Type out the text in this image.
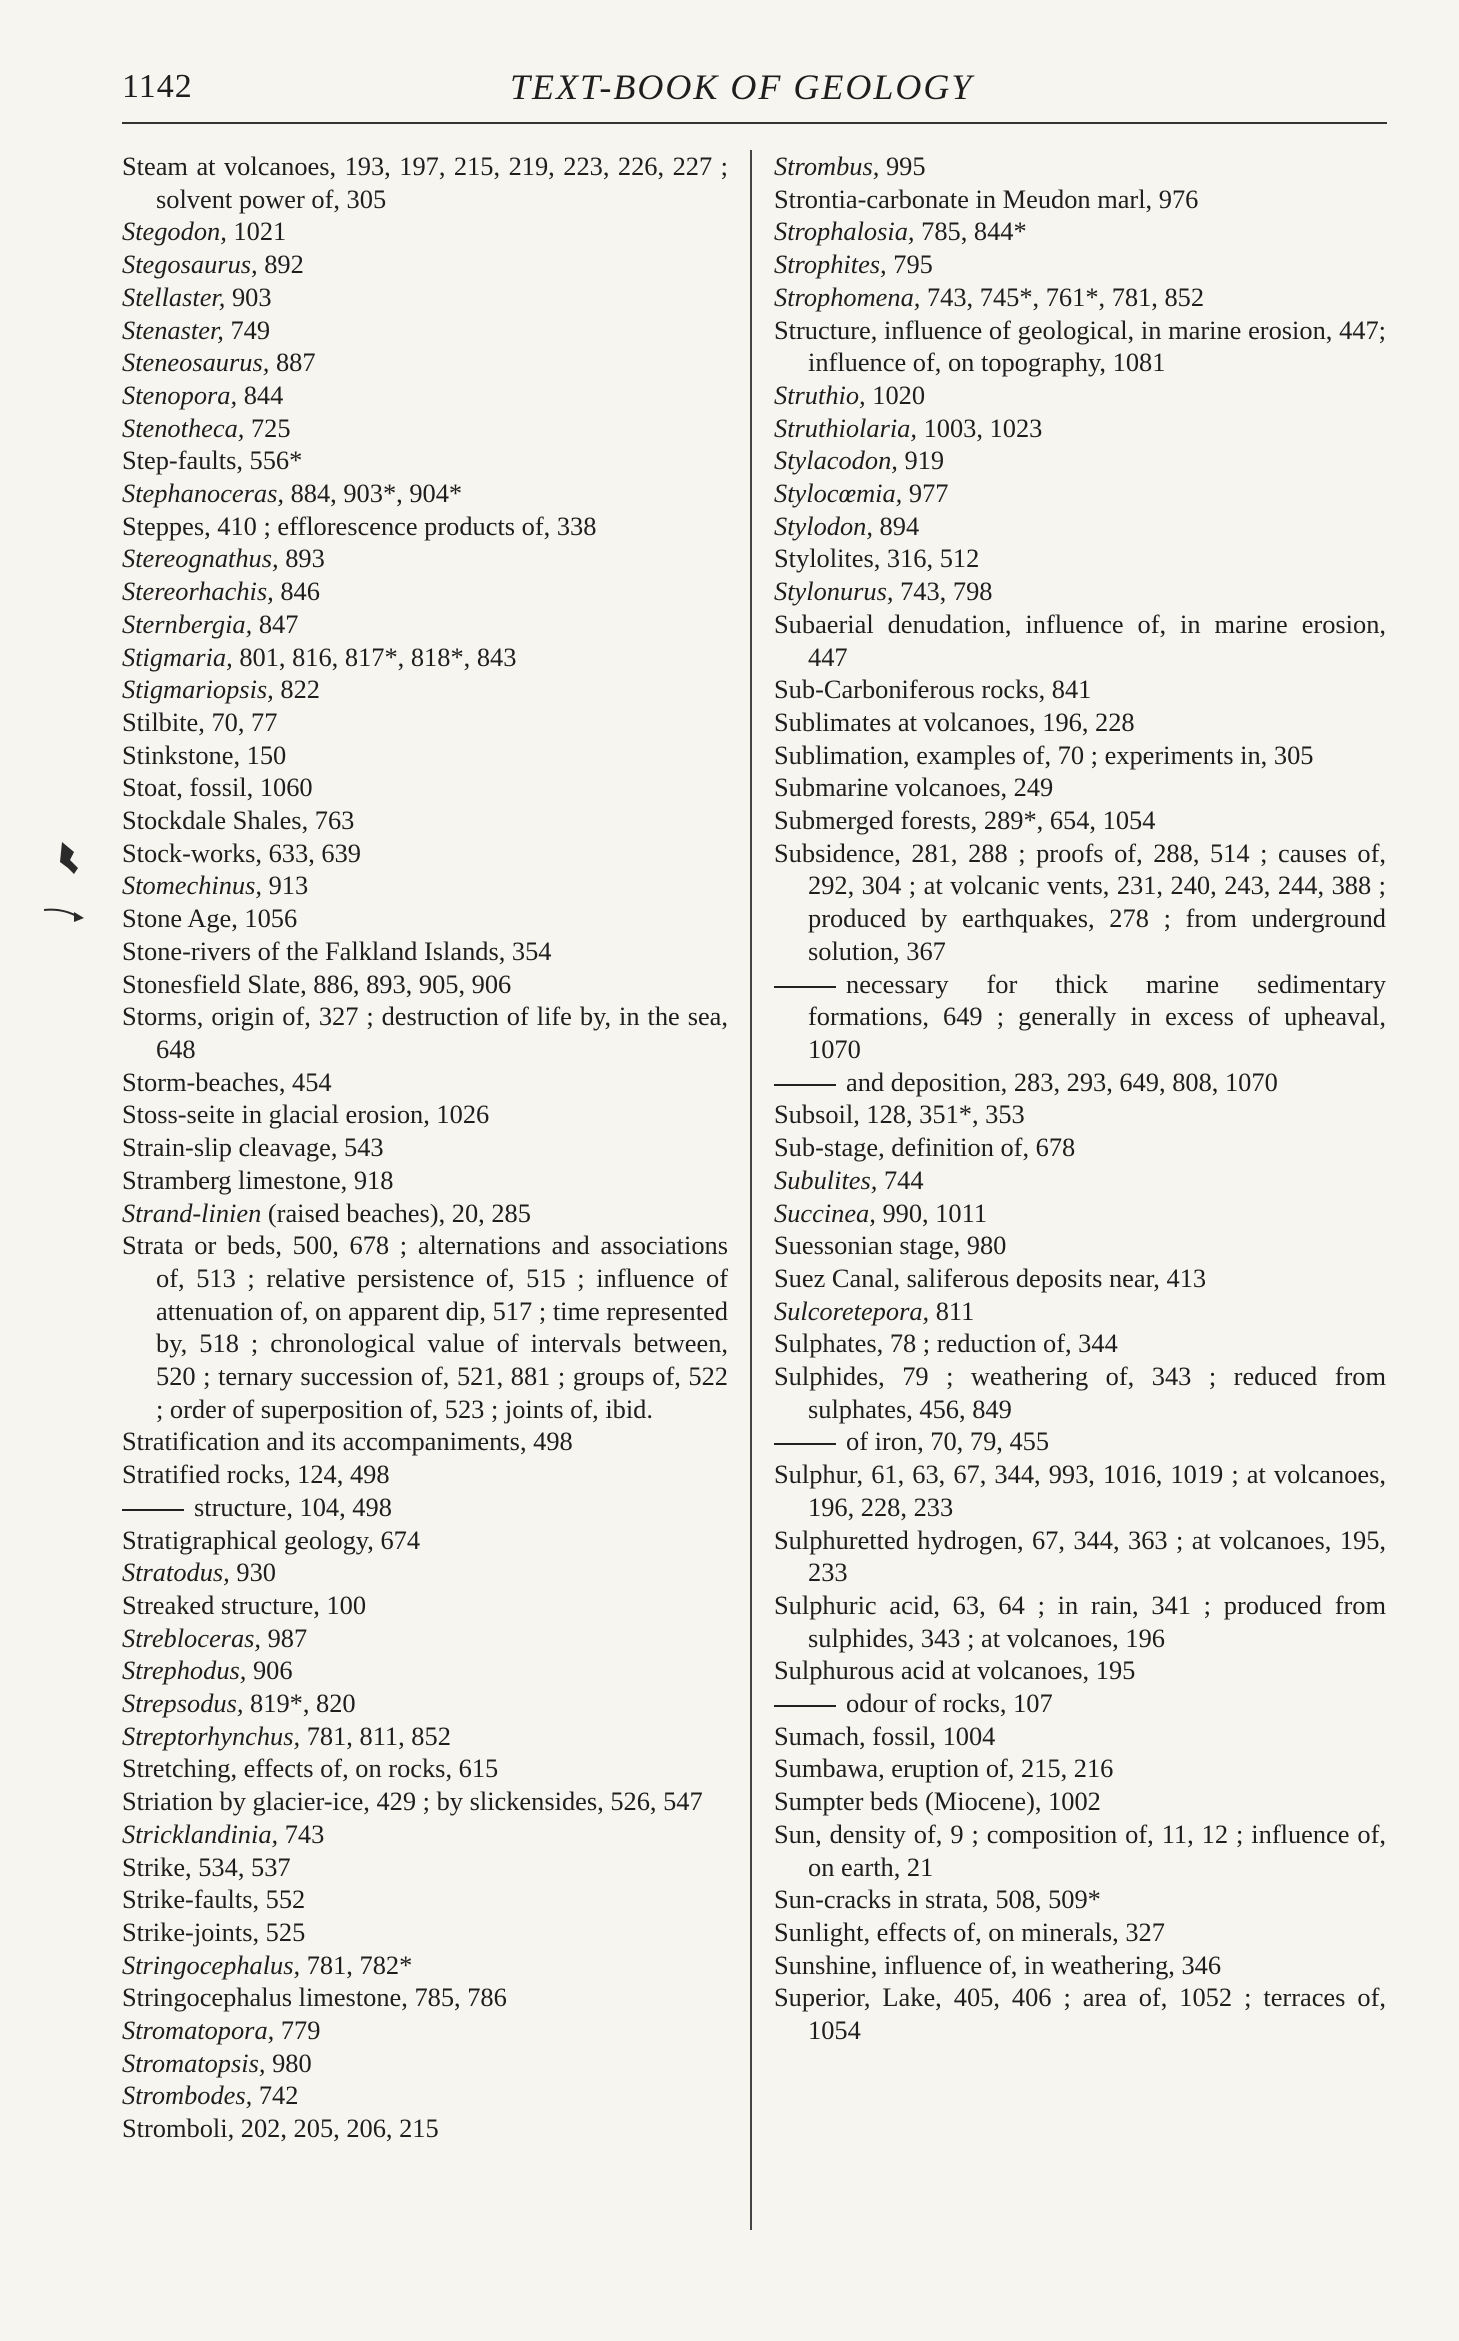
1142	TEXT-BOOK OF GEOLOGY

Steam at volcanoes, 193, 197, 215, 219, 223, 226, 227 ; solvent power of, 305

Stegodon, 1021

Stegosaurus, 892

Stellaster, 903

Stenaster, 749

Steneosaurus, 887

Stenopora, 844

Stenotheca, 725

Step-faults, 556*

Stephanoceras, 884, 903*, 904*

Steppes, 410 ; efflorescence products of, 338

Stereognathus, 893

Stereorhachis, 846

Sternbergia, 847

Stigmaria, 801, 816, 817*, 818*, 843

Stigmariopsis, 822

Stilbite, 70, 77

Stinkstone, 150

Stoat, fossil, 1060

Stockdale Shales, 763

Stock-works, 633, 639

Stomechinus, 913

Stone Age, 1056

Stone-rivers of the Falkland Islands, 354

Stonesfield Slate, 886, 893, 905, 906

Storms, origin of, 327 ; destruction of life by, in the sea, 648

Storm-beaches, 454

Stoss-seite in glacial erosion, 1026

Strain-slip cleavage, 543

Stramberg limestone, 918

Strand-linien (raised beaches), 20, 285

Strata or beds, 500, 678 ; alternations and associations of, 513 ; relative persistence of, 515 ; influence of attenuation of, on apparent dip, 517 ; time represented by, 518 ; chronological value of intervals between, 520 ; ternary succession of, 521, 881 ; groups of, 522 ; order of superposition of, 523 ; joints of, ibid.

Stratification and its accompaniments, 498

Stratified rocks, 124, 498

structure, 104, 498

Stratigraphical geology, 674

Stratodus, 930

Streaked structure, 100

Strebloceras, 987

Strephodus, 906

Strepsodus, 819*, 820

Streptorhynchus, 781, 811, 852

Stretching, effects of, on rocks, 615

Striation by glacier-ice, 429 ; by slickensides, 526, 547

Stricklandinia, 743

Strike, 534, 537

Strike-faults, 552

Strike-joints, 525

Stringocephalus, 781, 782*

Stringocephalus limestone, 785, 786

Stromatopora, 779

Stromatopsis, 980

Strombodes, 742

Stromboli, 202, 205, 206, 215

Strombus, 995

Strontia-carbonate in Meudon marl, 976

Strophalosia, 785, 844*

Strophites, 795

Strophomena, 743, 745*, 761*, 781, 852

Structure, influence of geological, in marine erosion, 447; influence of, on topography, 1081

Struthio, 1020

Struthiolaria, 1003, 1023

Stylacodon, 919

Stylocœmia, 977

Stylodon, 894

Stylolites, 316, 512

Stylonurus, 743, 798

Subaerial denudation, influence of, in marine erosion, 447

Sub-Carboniferous rocks, 841

Sublimates at volcanoes, 196, 228

Sublimation, examples of, 70 ; experiments in, 305

Submarine volcanoes, 249

Submerged forests, 289*, 654, 1054

Subsidence, 281, 288 ; proofs of, 288, 514 ; causes of, 292, 304 ; at volcanic vents, 231, 240, 243, 244, 388 ; produced by earthquakes, 278 ; from underground solution, 367

necessary for thick marine sedimentary formations, 649 ; generally in excess of upheaval, 1070

and deposition, 283, 293, 649, 808, 1070

Subsoil, 128, 351*, 353

Sub-stage, definition of, 678

Subulites, 744

Succinea, 990, 1011

Suessonian stage, 980

Suez Canal, saliferous deposits near, 413

Sulcoretepora, 811

Sulphates, 78 ; reduction of, 344

Sulphides, 79 ; weathering of, 343 ; reduced from sulphates, 456, 849

of iron, 70, 79, 455

Sulphur, 61, 63, 67, 344, 993, 1016, 1019 ; at volcanoes, 196, 228, 233

Sulphuretted hydrogen, 67, 344, 363 ; at volcanoes, 195, 233

Sulphuric acid, 63, 64 ; in rain, 341 ; produced from sulphides, 343 ; at volcanoes, 196

Sulphurous acid at volcanoes, 195

odour of rocks, 107

Sumach, fossil, 1004

Sumbawa, eruption of, 215, 216

Sumpter beds (Miocene), 1002

Sun, density of, 9 ; composition of, 11, 12 ; influence of, on earth, 21

Sun-cracks in strata, 508, 509*

Sunlight, effects of, on minerals, 327

Sunshine, influence of, in weathering, 346

Superior, Lake, 405, 406 ; area of, 1052 ; terraces of, 1054
